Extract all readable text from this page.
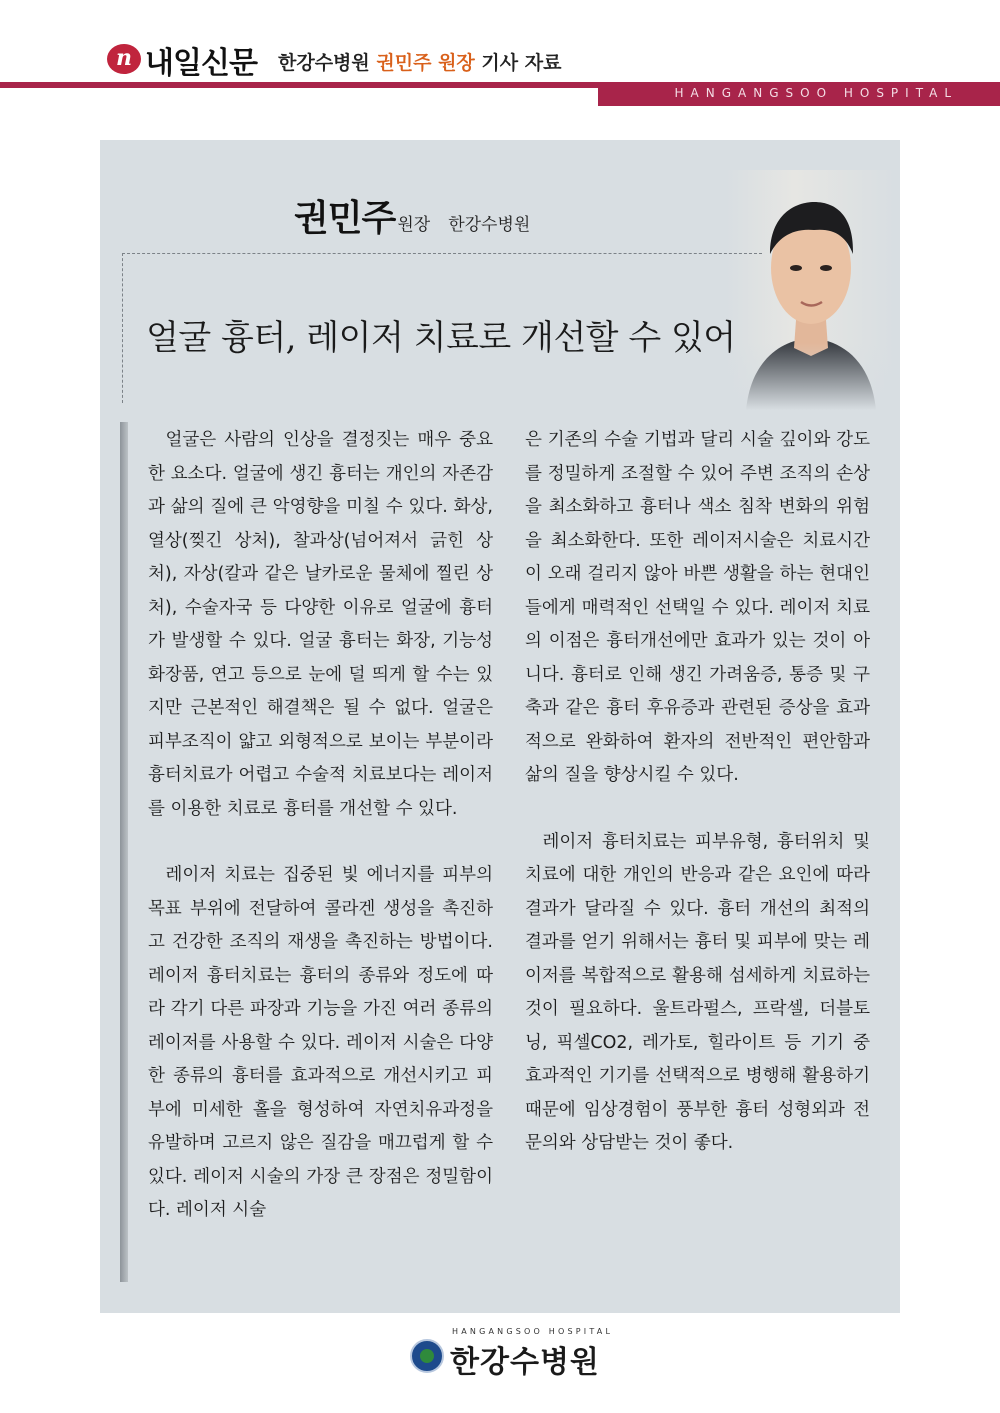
n 내일신문 한강수병원 권민주 원장 기사 자료
HANGANGSOO HOSPITAL
권민주 원장 한강수병원
얼굴 흉터, 레이저 치료로 개선할 수 있어

얼굴은 사람의 인상을 결정짓는 매우 중요한 요소다. 얼굴에 생긴 흉터는 개인의 자존감과 삶의 질에 큰 악영향을 미칠 수 있다. 화상, 열상(찢긴 상처), 찰과상(넘어져서 긁힌 상처), 자상(칼과 같은 날카로운 물체에 찔린 상처), 수술자국 등 다양한 이유로 얼굴에 흉터가 발생할 수 있다. 얼굴 흉터는 화장, 기능성 화장품, 연고 등으로 눈에 덜 띄게 할 수는 있지만 근본적인 해결책은 될 수 없다. 얼굴은 피부조직이 얇고 외형적으로 보이는 부분이라 흉터치료가 어렵고 수술적 치료보다는 레이저를 이용한 치료로 흉터를 개선할 수 있다.

레이저 치료는 집중된 빛 에너지를 피부의 목표 부위에 전달하여 콜라겐 생성을 촉진하고 건강한 조직의 재생을 촉진하는 방법이다. 레이저 흉터치료는 흉터의 종류와 정도에 따라 각기 다른 파장과 기능을 가진 여러 종류의 레이저를 사용할 수 있다. 레이저 시술은 다양한 종류의 흉터를 효과적으로 개선시키고 피부에 미세한 홀을 형성하여 자연치유과정을 유발하며 고르지 않은 질감을 매끄럽게 할 수 있다. 레이저 시술의 가장 큰 장점은 정밀함이다. 레이저 시술

은 기존의 수술 기법과 달리 시술 깊이와 강도를 정밀하게 조절할 수 있어 주변 조직의 손상을 최소화하고 흉터나 색소 침착 변화의 위험을 최소화한다. 또한 레이저시술은 치료시간이 오래 걸리지 않아 바쁜 생활을 하는 현대인들에게 매력적인 선택일 수 있다. 레이저 치료의 이점은 흉터개선에만 효과가 있는 것이 아니다. 흉터로 인해 생긴 가려움증, 통증 및 구축과 같은 흉터 후유증과 관련된 증상을 효과적으로 완화하여 환자의 전반적인 편안함과 삶의 질을 향상시킬 수 있다.

레이저 흉터치료는 피부유형, 흉터위치 및 치료에 대한 개인의 반응과 같은 요인에 따라 결과가 달라질 수 있다. 흉터 개선의 최적의 결과를 얻기 위해서는 흉터 및 피부에 맞는 레이저를 복합적으로 활용해 섬세하게 치료하는 것이 필요하다. 울트라펄스, 프락셀, 더블토닝, 픽셀CO2, 레가토, 힐라이트 등 기기 중 효과적인 기기를 선택적으로 병행해 활용하기 때문에 임상경험이 풍부한 흉터 성형외과 전문의와 상담받는 것이 좋다.

HANGANGSOO HOSPITAL
한강수병원
